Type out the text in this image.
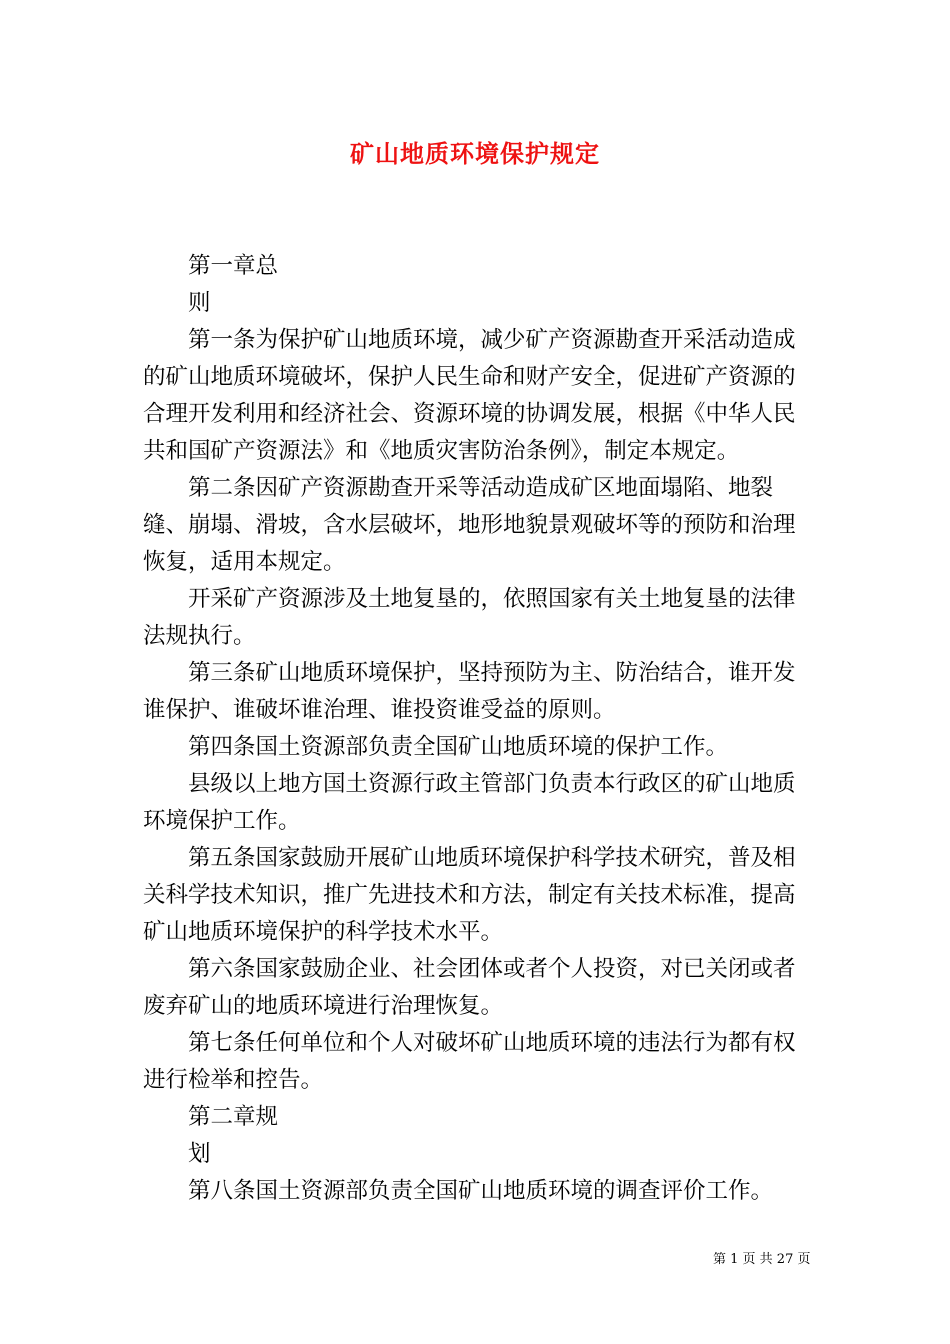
矿山地质环境保护规定
第一章总
则

第一条为保护矿山地质环境，减少矿产资源勘查开采活动造成的矿山地质环境破坏，保护人民生命和财产安全，促进矿产资源的合理开发利用和经济社会、资源环境的协调发展，根据《中华人民共和国矿产资源法》和《地质灾害防治条例》，制定本规定。

第二条因矿产资源勘查开采等活动造成矿区地面塌陷、地裂缝、崩塌、滑坡，含水层破坏，地形地貌景观破坏等的预防和治理恢复，适用本规定。

开采矿产资源涉及土地复垦的，依照国家有关土地复垦的法律法规执行。

第三条矿山地质环境保护，坚持预防为主、防治结合，谁开发谁保护、谁破坏谁治理、谁投资谁受益的原则。

第四条国土资源部负责全国矿山地质环境的保护工作。

县级以上地方国土资源行政主管部门负责本行政区的矿山地质环境保护工作。

第五条国家鼓励开展矿山地质环境保护科学技术研究，普及相关科学技术知识，推广先进技术和方法，制定有关技术标准，提高矿山地质环境保护的科学技术水平。

第六条国家鼓励企业、社会团体或者个人投资，对已关闭或者废弃矿山的地质环境进行治理恢复。

第七条任何单位和个人对破坏矿山地质环境的违法行为都有权进行检举和控告。

第二章规
划

第八条国土资源部负责全国矿山地质环境的调查评价工作。

第 1 页 共 27 页
